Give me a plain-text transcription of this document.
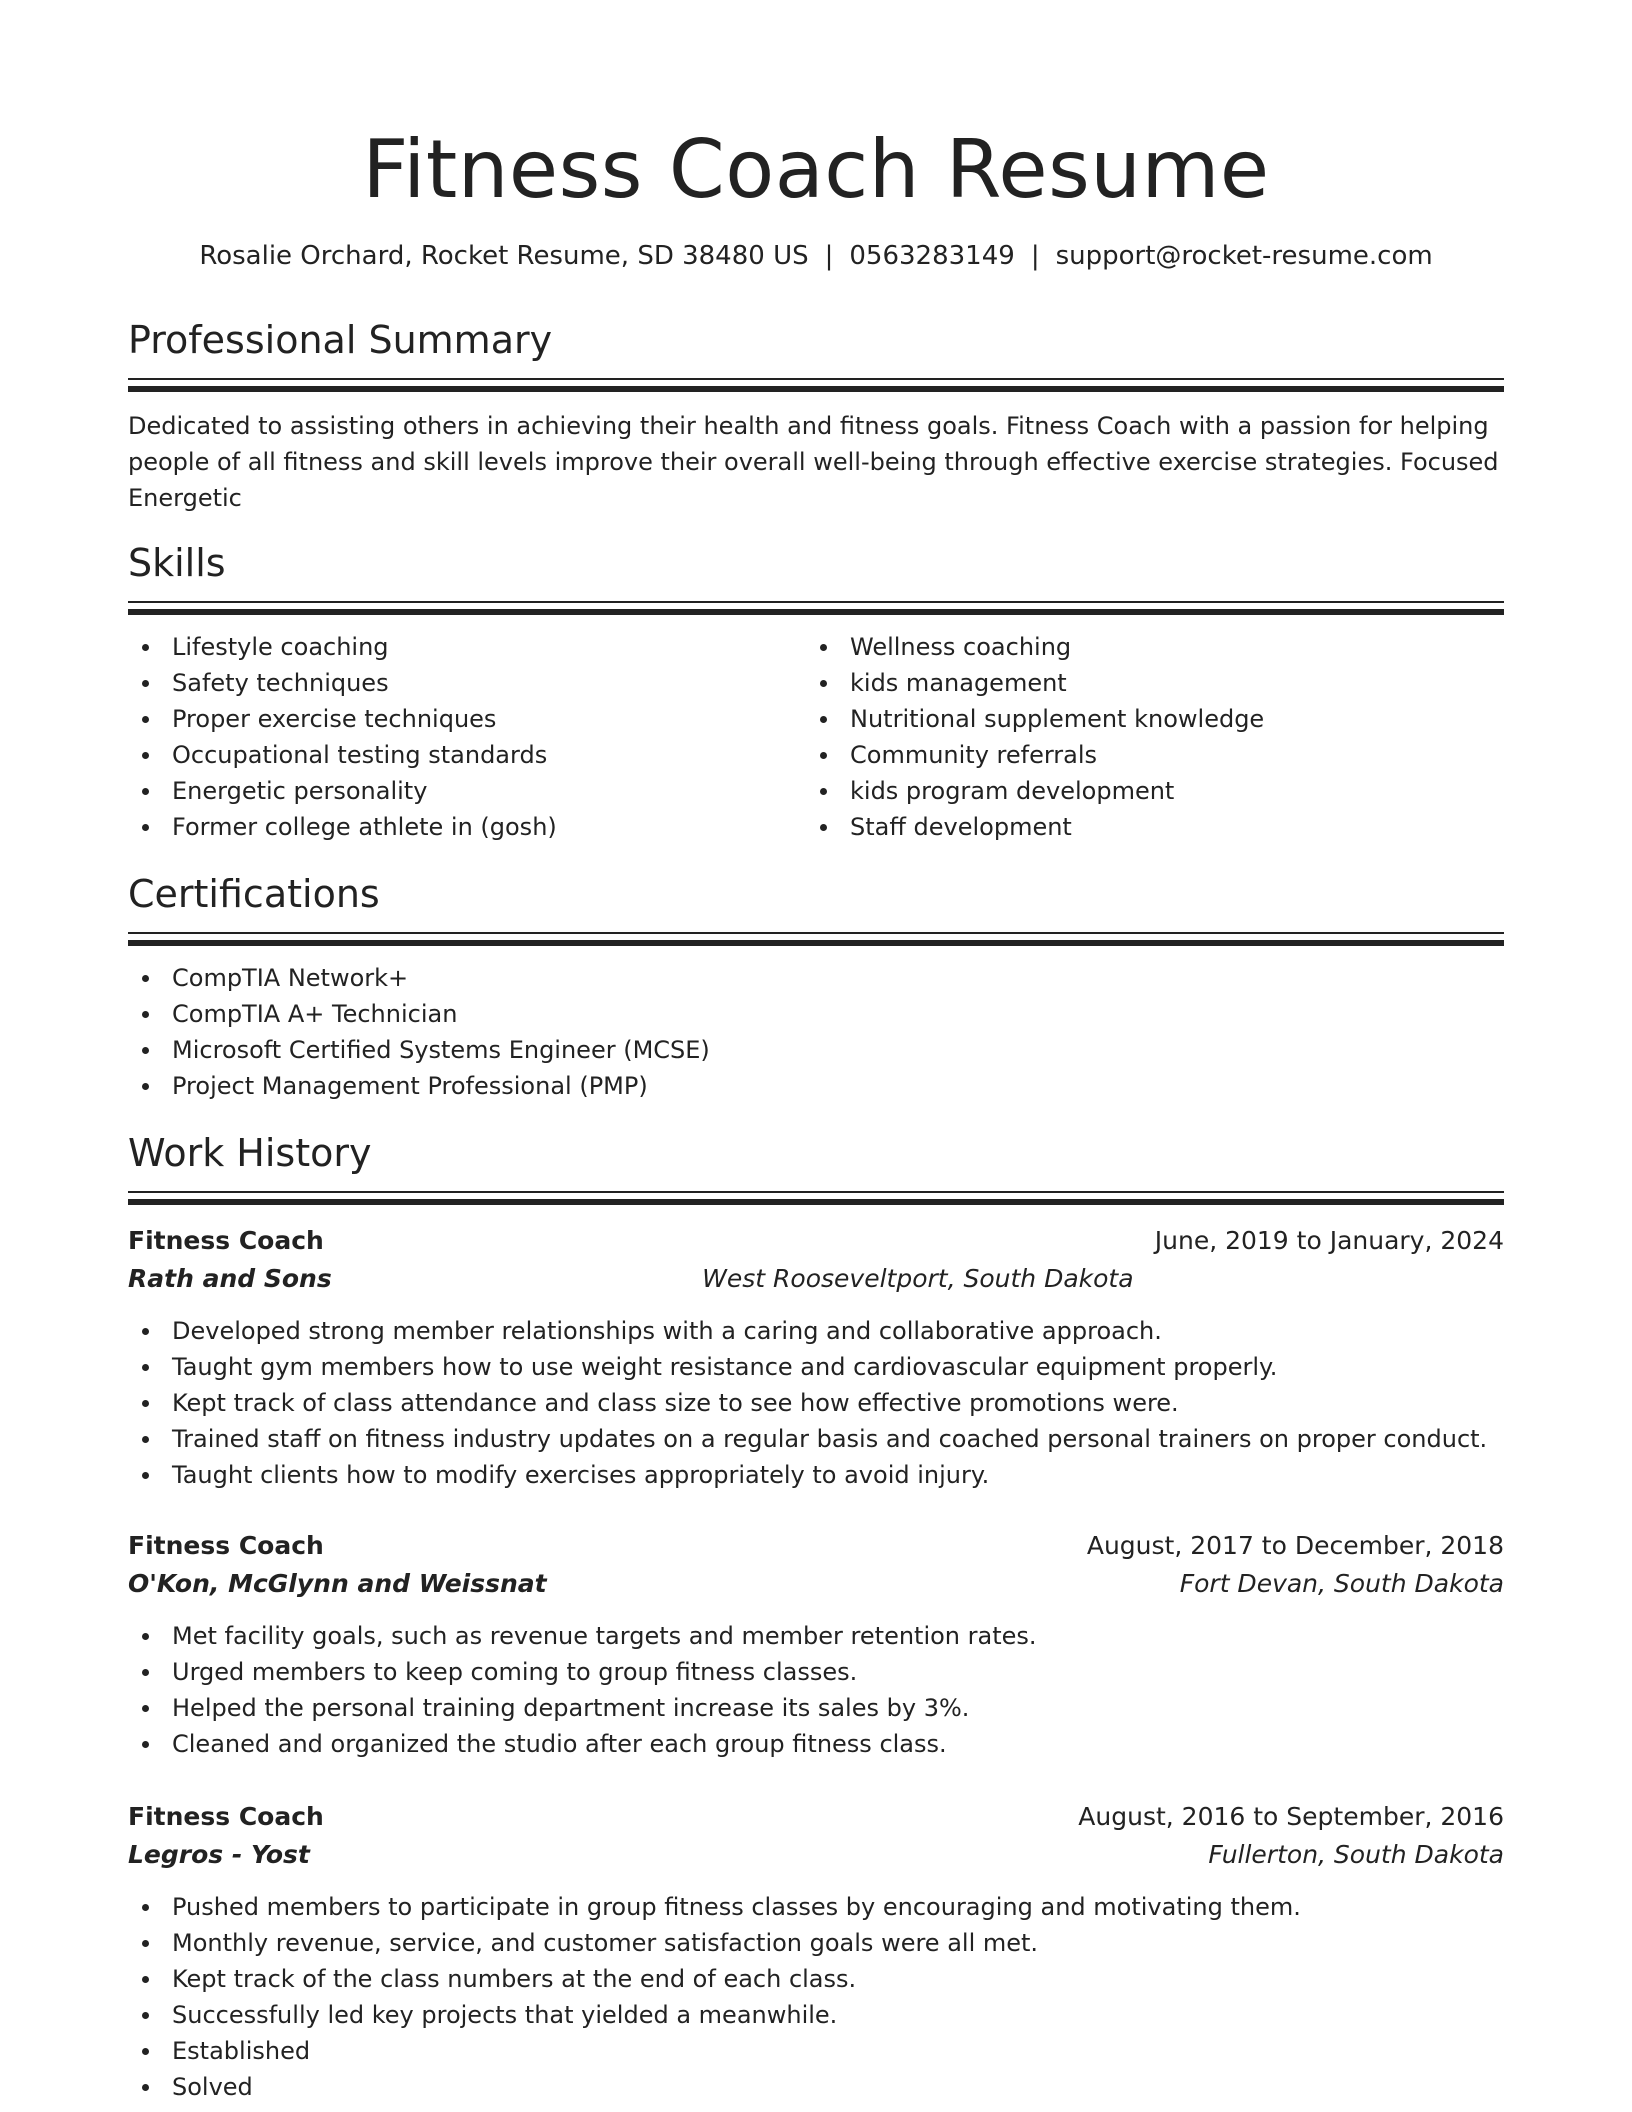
Fitness Coach Resume
Rosalie Orchard, Rocket Resume, SD 38480 US | 0563283149 | support@rocket-resume.com
Professional Summary

Dedicated to assisting others in achieving their health and fitness goals. Fitness Coach with a passion for helping people of all fitness and skill levels improve their overall well-being through effective exercise strategies. Focused Energetic

Skills
Lifestyle coaching
Safety techniques
Proper exercise techniques
Occupational testing standards
Energetic personality
Former college athlete in (gosh)
Wellness coaching
kids management
Nutritional supplement knowledge
Community referrals
kids program development
Staff development
Certifications
CompTIA Network+
CompTIA A+ Technician
Microsoft Certified Systems Engineer (MCSE)
Project Management Professional (PMP)
Work History
Fitness Coach	June, 2019 to January, 2024
Rath and Sons	West Rooseveltport, South Dakota
Developed strong member relationships with a caring and collaborative approach.
Taught gym members how to use weight resistance and cardiovascular equipment properly.
Kept track of class attendance and class size to see how effective promotions were.
Trained staff on fitness industry updates on a regular basis and coached personal trainers on proper conduct.
Taught clients how to modify exercises appropriately to avoid injury.
Fitness Coach	August, 2017 to December, 2018
O'Kon, McGlynn and Weissnat	Fort Devan, South Dakota
Met facility goals, such as revenue targets and member retention rates.
Urged members to keep coming to group fitness classes.
Helped the personal training department increase its sales by 3%.
Cleaned and organized the studio after each group fitness class.
Fitness Coach	August, 2016 to September, 2016
Legros - Yost	Fullerton, South Dakota
Pushed members to participate in group fitness classes by encouraging and motivating them.
Monthly revenue, service, and customer satisfaction goals were all met.
Kept track of the class numbers at the end of each class.
Successfully led key projects that yielded a meanwhile.
Established
Solved
